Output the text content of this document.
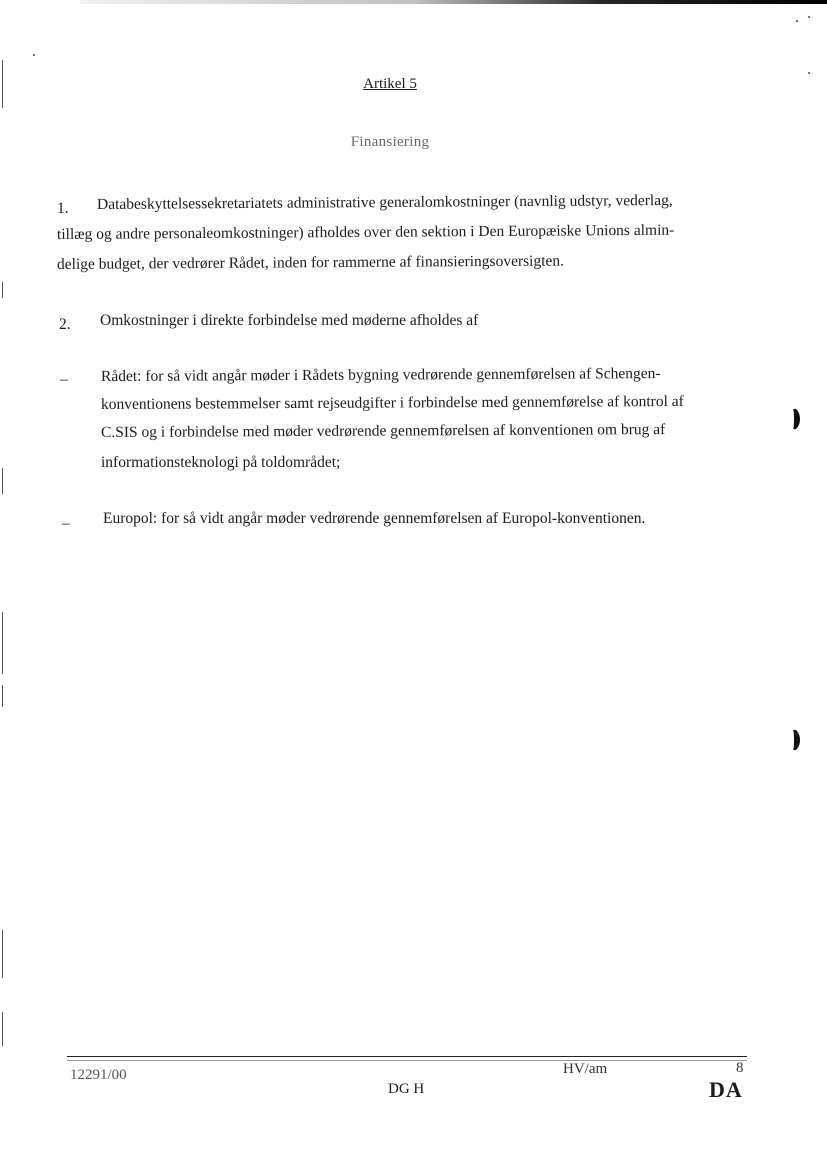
Artikel 5
Finansiering
1. Databeskyttelsessekretariatets administrative generalomkostninger (navnlig udstyr, vederlag,
tillæg og andre personaleomkostninger) afholdes over den sektion i Den Europæiske Unions almin-
delige budget, der vedrører Rådet, inden for rammerne af finansieringsoversigten.
2. Omkostninger i direkte forbindelse med møderne afholdes af
– Rådet: for så vidt angår møder i Rådets bygning vedrørende gennemførelsen af Schengen-
konventionens bestemmelser samt rejseudgifter i forbindelse med gennemførelse af kontrol af
C.SIS og i forbindelse med møder vedrørende gennemførelsen af konventionen om brug af
informationsteknologi på toldområdet;
– Europol: for så vidt angår møder vedrørende gennemførelsen af Europol-konventionen.
12291/00	HV/am	8
DG H	DA
